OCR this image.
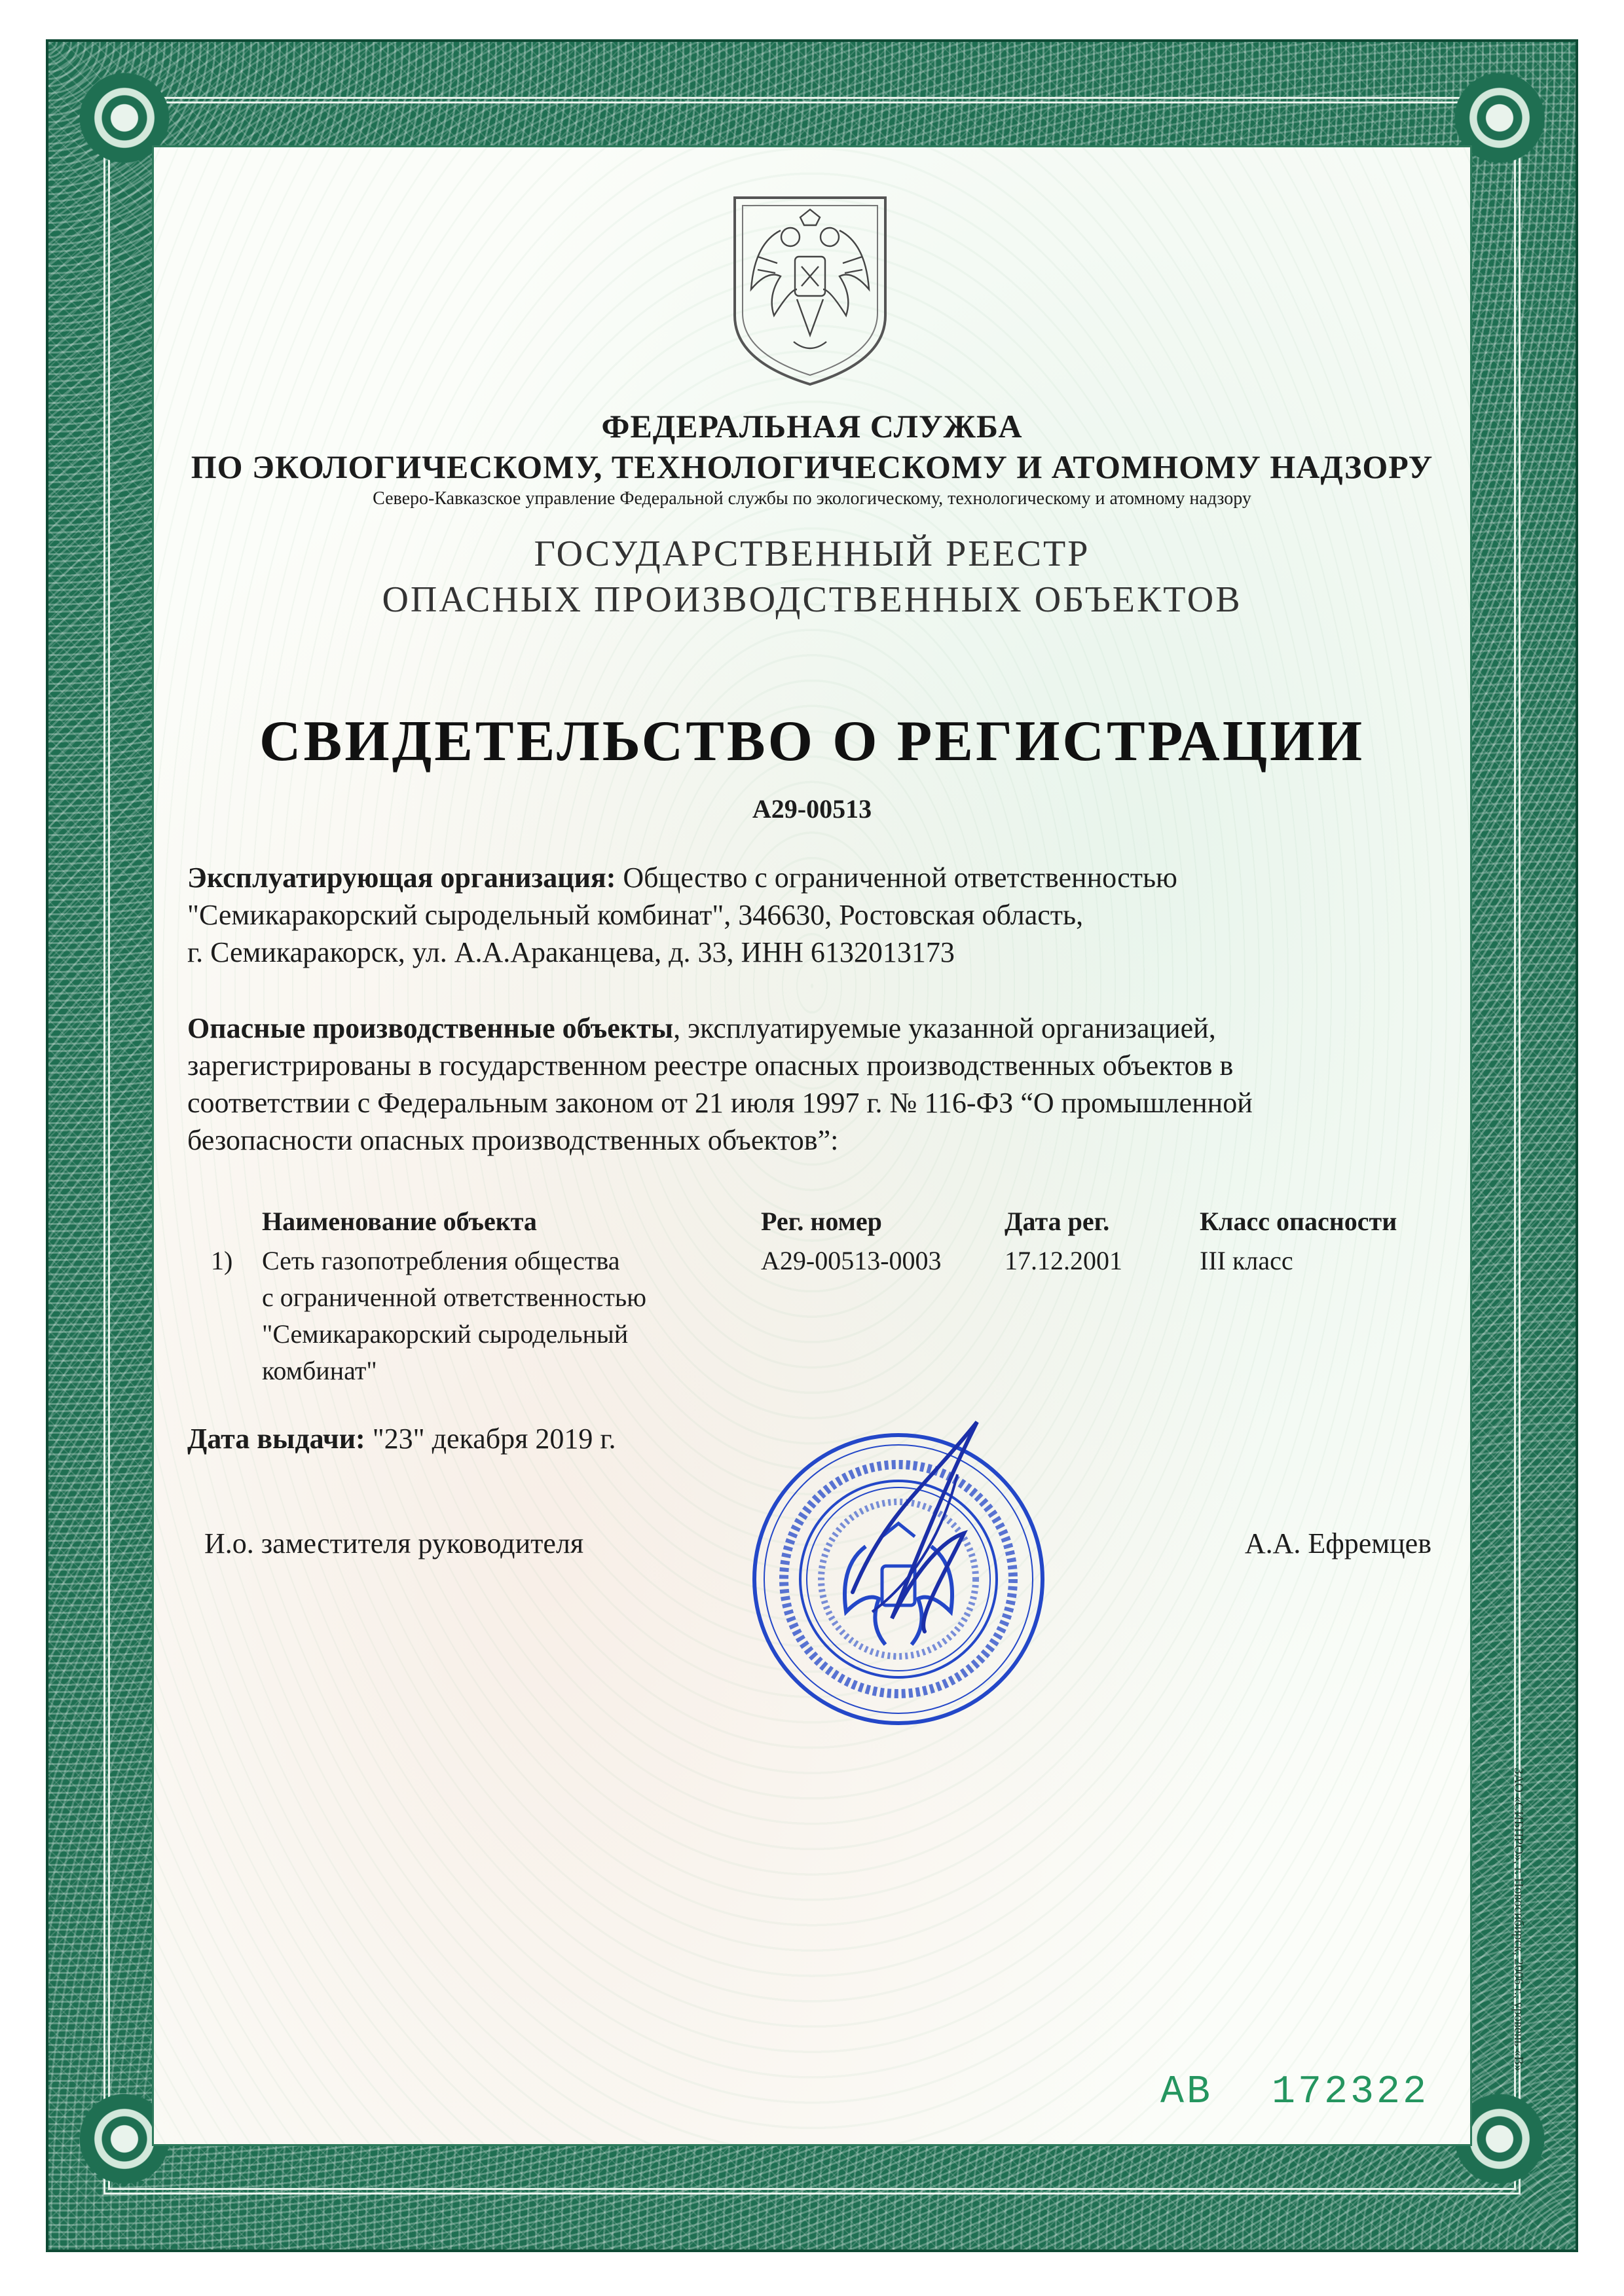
ЗАО «СИБПРО», г. Новосибирск, 2006 г., уровень «В»
ФЕДЕРАЛЬНАЯ СЛУЖБА
ПО ЭКОЛОГИЧЕСКОМУ, ТЕХНОЛОГИЧЕСКОМУ И АТОМНОМУ НАДЗОРУ
Северо-Кавказское управление Федеральной службы по экологическому, технологическому и атомному надзору
ГОСУДАРСТВЕННЫЙ РЕЕСТР
ОПАСНЫХ ПРОИЗВОДСТВЕННЫХ ОБЪЕКТОВ
СВИДЕТЕЛЬСТВО О РЕГИСТРАЦИИ
А29-00513
Эксплуатирующая организация: Общество с ограниченной ответственностью
"Семикаракорский сыродельный комбинат", 346630, Ростовская область,
г. Семикаракорск, ул. А.А.Араканцева, д. 33, ИНН 6132013173
Опасные производственные объекты, эксплуатируемые указанной организацией,
зарегистрированы в государственном реестре опасных производственных объектов в
соответствии с Федеральным законом от 21 июля 1997 г. № 116-ФЗ “О промышленной
безопасности опасных производственных объектов”:
Наименование объекта	Рег. номер	Дата рег.	Класс опасности
1) Сеть газопотребления общества
с ограниченной ответственностью
"Семикаракорский сыродельный
комбинат"
А29-00513-0003 17.12.2001	III класс
Дата выдачи: "23" декабря 2019 г.
И.о. заместителя руководителя	А.А. Ефремцев
АВ 172322
